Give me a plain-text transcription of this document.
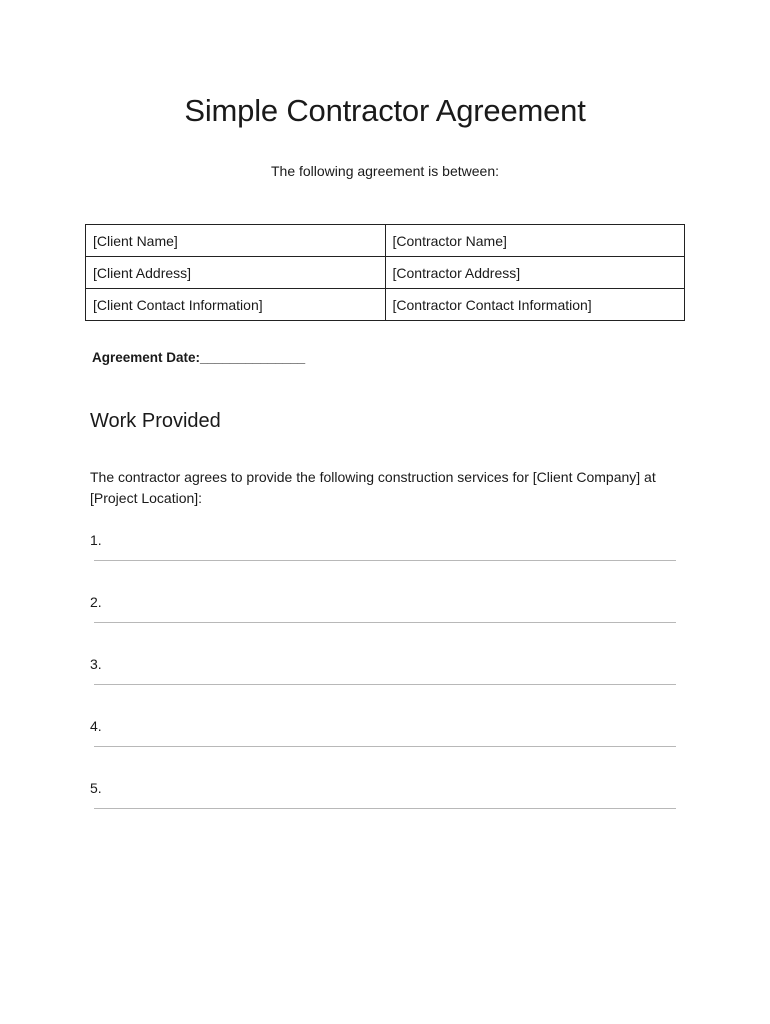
Simple Contractor Agreement

The following agreement is between:

[Client Name]	[Contractor Name]
[Client Address]	[Contractor Address]
[Client Contact Information]	[Contractor Contact Information]

Agreement Date:______________

Work Provided

The contractor agrees to provide the following construction services for [Client Company] at [Project Location]:

1.
2.
3.
4.
5.
